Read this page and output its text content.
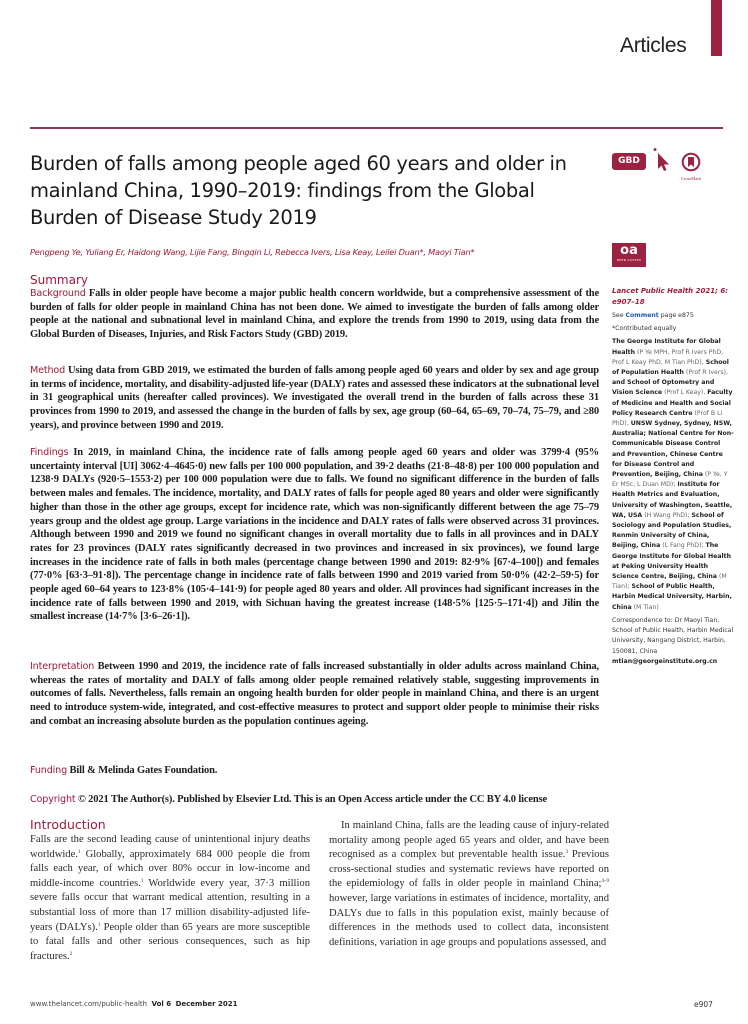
Articles
Burden of falls among people aged 60 years and older in mainland China, 1990–2019: findings from the Global Burden of Disease Study 2019
GBD
CrossMark
Pengpeng Ye, Yuliang Er, Haidong Wang, Lijie Fang, Bingqin Li, Rebecca Ivers, Lisa Keay, Leilei Duan*, Maoyi Tian*	oa
OPEN ACCESS
Summary

Background Falls in older people have become a major public health concern worldwide, but a comprehensive assessment of the burden of falls for older people in mainland China has not been done. We aimed to investigate the burden of falls among older people at the national and subnational level in mainland China, and explore the trends from 1990 to 2019, using data from the Global Burden of Diseases, Injuries, and Risk Factors Study (GBD) 2019.

Method Using data from GBD 2019, we estimated the burden of falls among people aged 60 years and older by sex and age group in terms of incidence, mortality, and disability-adjusted life-year (DALY) rates and assessed these indicators at the subnational level in 31 geographical units (hereafter called provinces). We investigated the overall trend in the burden of falls across these 31 provinces from 1990 to 2019, and assessed the change in the burden of falls by sex, age group (60–64, 65–69, 70–74, 75–79, and ≥80 years), and province between 1990 and 2019.

Findings In 2019, in mainland China, the incidence rate of falls among people aged 60 years and older was 3799·4 (95% uncertainty interval [UI] 3062·4–4645·0) new falls per 100 000 population, and 39·2 deaths (21·8–48·8) per 100 000 population and 1238·9 DALYs (920·5–1553·2) per 100 000 population were due to falls. We found no significant difference in the burden of falls between males and females. The incidence, mortality, and DALY rates of falls for people aged 80 years and older were significantly higher than those in the other age groups, except for incidence rate, which was non-significantly different between the age 75–79 years group and the oldest age group. Large variations in the incidence and DALY rates of falls were observed across 31 provinces. Although between 1990 and 2019 we found no significant changes in overall mortality due to falls in all provinces and in DALY rates for 23 provinces (DALY rates significantly decreased in two provinces and increased in six provinces), we found large increases in the incidence rate of falls in both males (percentage change between 1990 and 2019: 82·9% [67·4–100]) and females (77·0% [63·3–91·8]). The percentage change in incidence rate of falls between 1990 and 2019 varied from 50·0% (42·2–59·5) for people aged 60–64 years to 123·8% (105·4–141·9) for people aged 80 years and older. All provinces had significant increases in the incidence rate of falls between 1990 and 2019, with Sichuan having the greatest increase (148·5% [125·5–171·4]) and Jilin the smallest increase (14·7% [3·6–26·1]).

Interpretation Between 1990 and 2019, the incidence rate of falls increased substantially in older adults across mainland China, whereas the rates of mortality and DALY of falls among older people remained relatively stable, suggesting improvements in outcomes of falls. Nevertheless, falls remain an ongoing health burden for older people in mainland China, and there is an urgent need to introduce system-wide, integrated, and cost-effective measures to protect and support older people to minimise their risks and combat an increasing absolute burden as the population continues ageing.

Funding Bill & Melinda Gates Foundation.

Copyright © 2021 The Author(s). Published by Elsevier Ltd. This is an Open Access article under the CC BY 4.0 license

Introduction

Falls are the second leading cause of unintentional injury deaths worldwide.$^1$ Globally, approximately 684 000 people die from falls each year, of which over 80% occur in low-income and middle-income countries.$^1$ Worldwide every year, 37·3 million severe falls occur that warrant medical attention, resulting in a substantial loss of more than 17 million disability-adjusted life-years (DALYs).$^1$ People older than 65 years are more susceptible to fatal falls and other serious consequences, such as hip fractures.$^2$

In mainland China, falls are the leading cause of injury-related mortality among people aged 65 years and older, and have been recognised as a complex but preventable health issue.$^3$ Previous cross-sectional studies and systematic reviews have reported on the epidemiology of falls in older people in mainland China;$^{4-9}$ however, large variations in estimates of incidence, mortality, and DALYs due to falls in this population exist, mainly because of differences in the methods used to collect data, inconsistent definitions, variation in age groups and populations assessed, and

Lancet Public Health 2021; 6: e907–18
See Comment page e875
*Contributed equally
The George Institute for Global Health (P Ye MPH, Prof R Ivers PhD, Prof L Keay PhD, M Tian PhD), School of Population Health (Prof R Ivers), and School of Optometry and Vision Science (Prof L Keay), Faculty of Medicine and Health and Social Policy Research Centre (Prof B Li PhD), UNSW Sydney, Sydney, NSW, Australia; National Centre for Non-Communicable Disease Control and Prevention, Chinese Centre for Disease Control and Prevention, Beijing, China (P Ye, Y Er MSc, L Duan MD); Institute for Health Metrics and Evaluation, University of Washington, Seattle, WA, USA (H Wang PhD); School of Sociology and Population Studies, Renmin University of China, Beijing, China (L Fang PhD); The George Institute for Global Health at Peking University Health Science Centre, Beijing, China (M Tian); School of Public Health, Harbin Medical University, Harbin, China (M Tian)
Correspondence to: Dr Maoyi Tian, School of Public Health, Harbin Medical University, Nangang District, Harbin, 150081, China
mtian@georgeinstitute.org.cn
www.thelancet.com/public-health Vol 6 December 2021	e907
